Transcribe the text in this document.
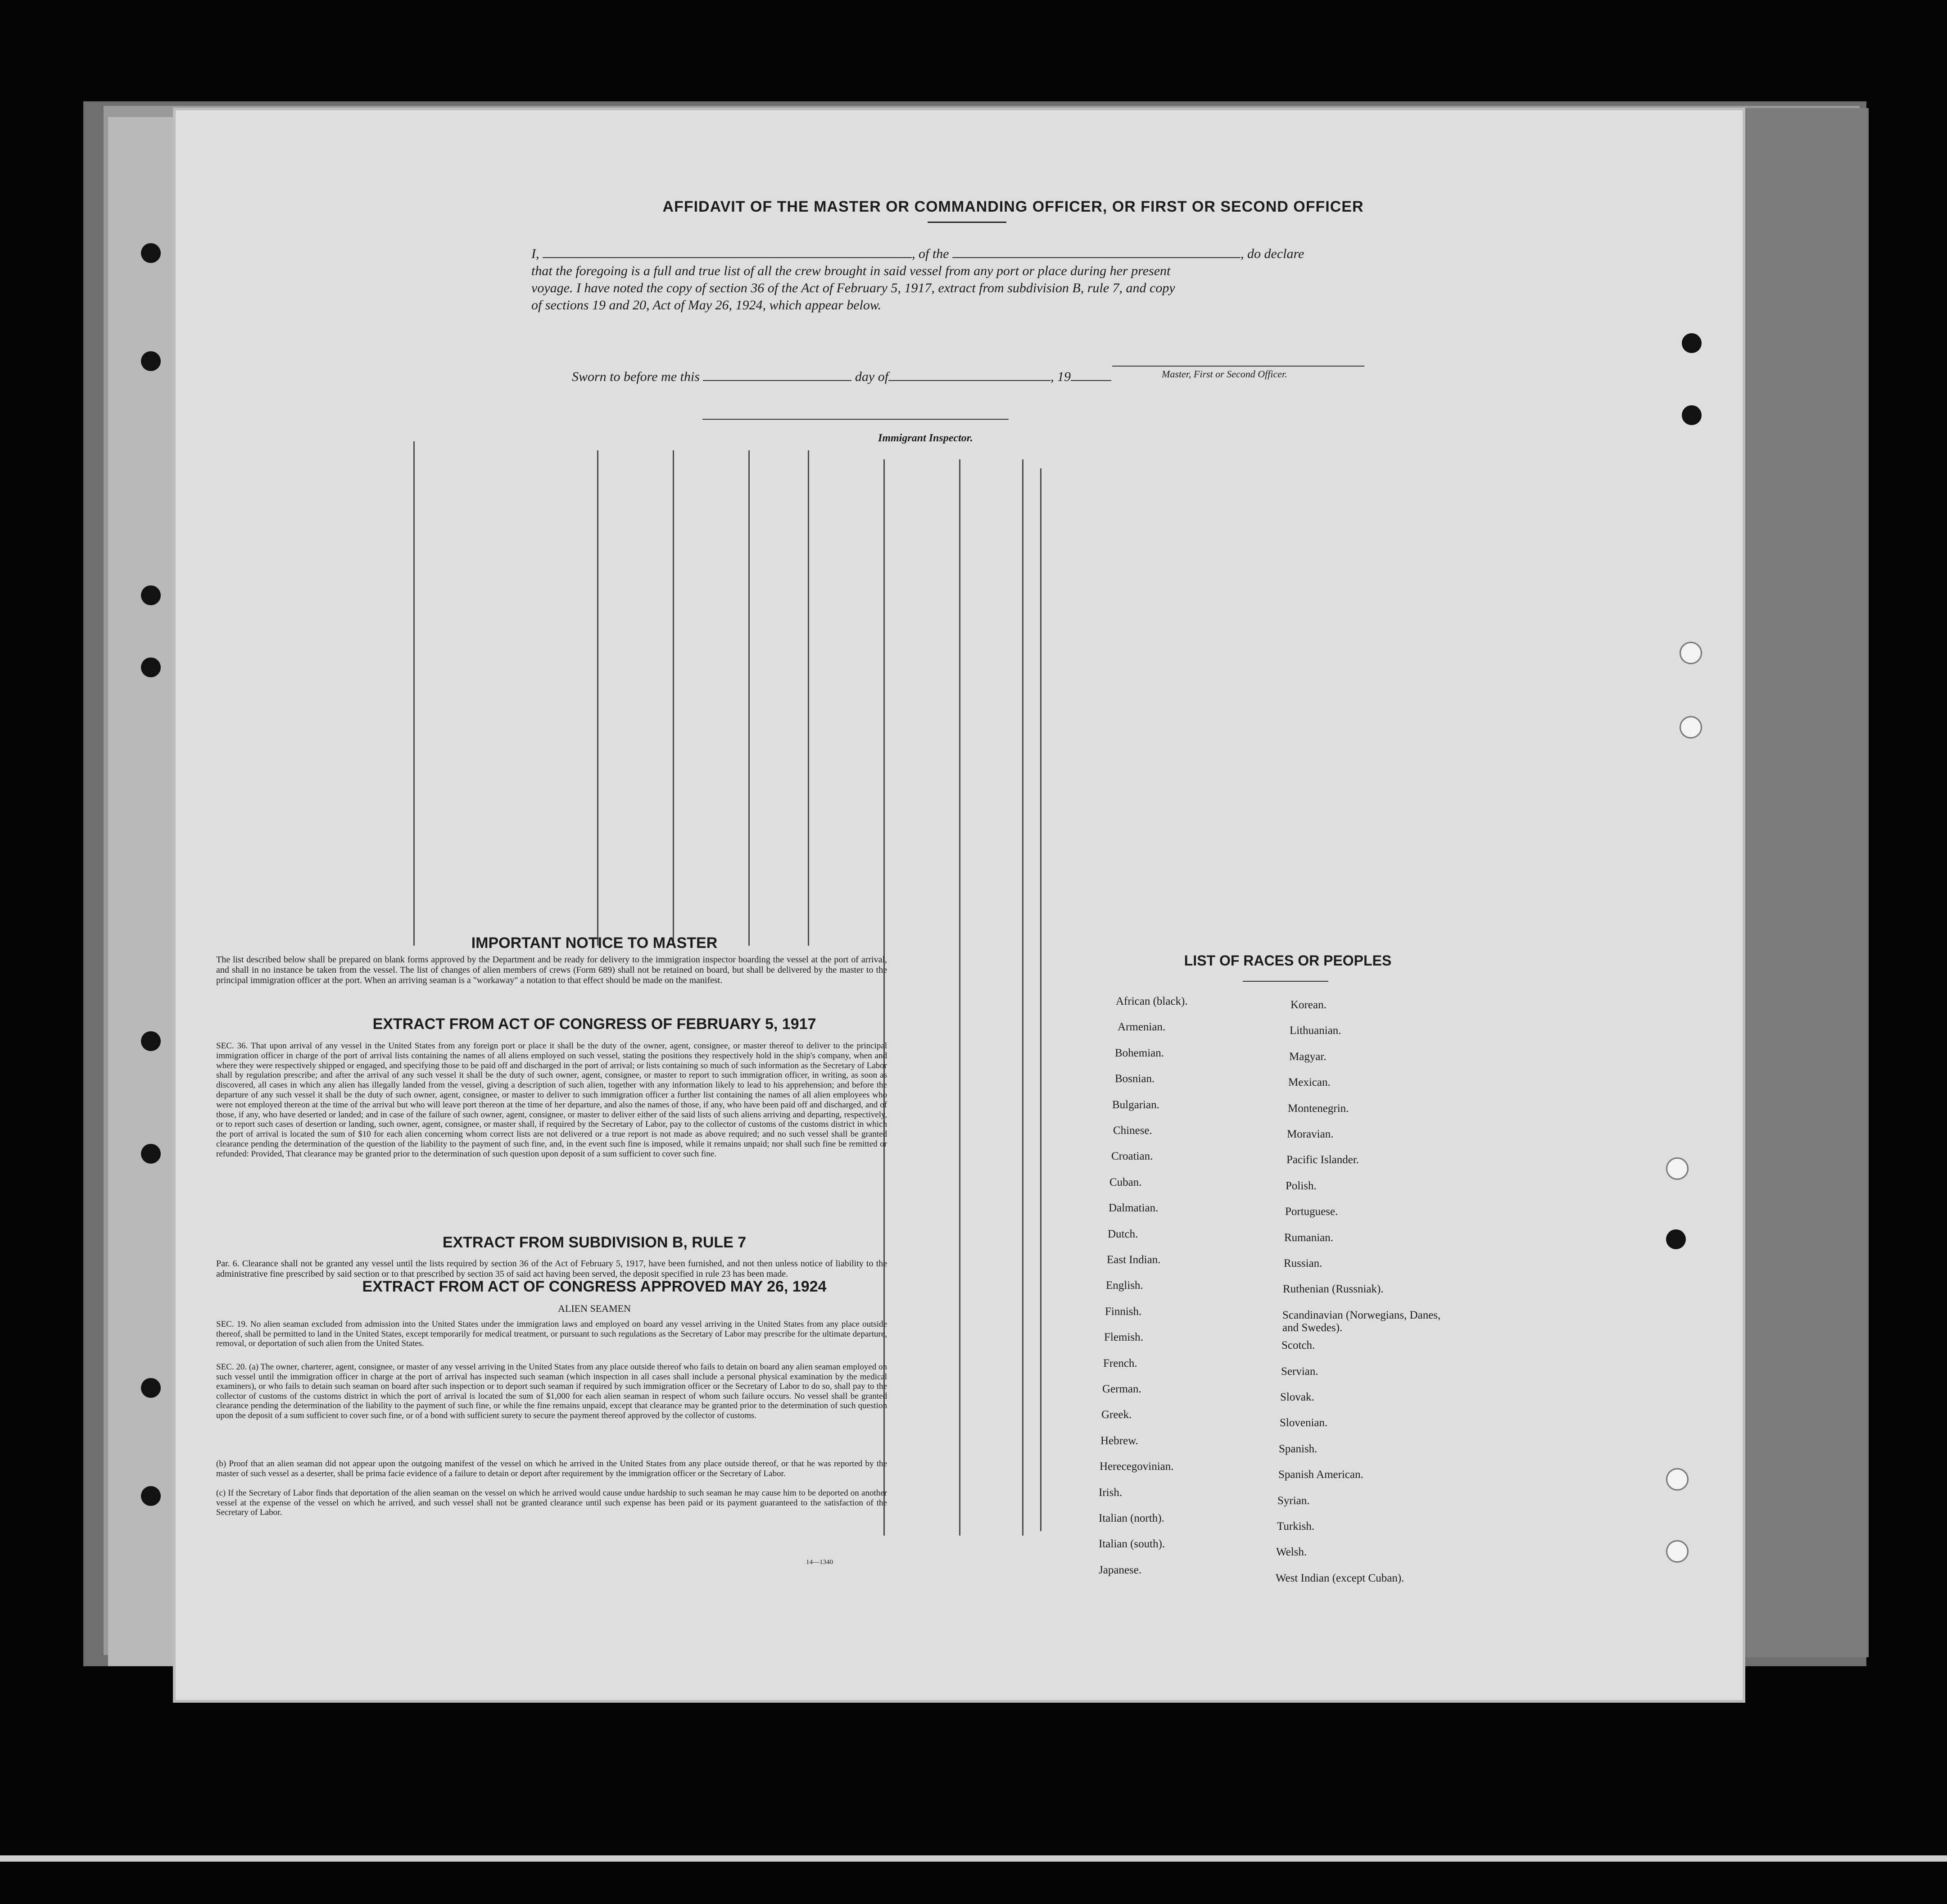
AFFIDAVIT OF THE MASTER OR COMMANDING OFFICER, OR FIRST OR SECOND OFFICER
I,	, of the	, do declare
that the foregoing is a full and true list of all the crew brought in said vessel from any port or place during her present
voyage. I have noted the copy of section 36 of the Act of February 5, 1917, extract from subdivision B, rule 7, and copy
of sections 19 and 20, Act of May 26, 1924, which appear below.
Master, First or Second Officer.
Sworn to before me this	day of	, 19
Immigrant Inspector.
IMPORTANT NOTICE TO MASTER
The list described below shall be prepared on blank forms approved by the Department and be ready for delivery to the immigration inspector boarding the vessel at the port of arrival, and shall in no instance be taken from the vessel. The list of changes of alien members of crews (Form 689) shall not be retained on board, but shall be delivered by the master to the principal immigration officer at the port. When an arriving seaman is a "workaway" a notation to that effect should be made on the manifest.
EXTRACT FROM ACT OF CONGRESS OF FEBRUARY 5, 1917
SEC. 36. That upon arrival of any vessel in the United States from any foreign port or place it shall be the duty of the owner, agent, consignee, or master thereof to deliver to the principal immigration officer in charge of the port of arrival lists containing the names of all aliens employed on such vessel, stating the positions they respectively hold in the ship's company, when and where they were respectively shipped or engaged, and specifying those to be paid off and discharged in the port of arrival; or lists containing so much of such information as the Secretary of Labor shall by regulation prescribe; and after the arrival of any such vessel it shall be the duty of such owner, agent, consignee, or master to report to such immigration officer, in writing, as soon as discovered, all cases in which any alien has illegally landed from the vessel, giving a description of such alien, together with any information likely to lead to his apprehension; and before the departure of any such vessel it shall be the duty of such owner, agent, consignee, or master to deliver to such immigration officer a further list containing the names of all alien employees who were not employed thereon at the time of the arrival but who will leave port thereon at the time of her departure, and also the names of those, if any, who have been paid off and discharged, and of those, if any, who have deserted or landed; and in case of the failure of such owner, agent, consignee, or master to deliver either of the said lists of such aliens arriving and departing, respectively, or to report such cases of desertion or landing, such owner, agent, consignee, or master shall, if required by the Secretary of Labor, pay to the collector of customs of the customs district in which the port of arrival is located the sum of $10 for each alien concerning whom correct lists are not delivered or a true report is not made as above required; and no such vessel shall be granted clearance pending the determination of the question of the liability to the payment of such fine, and, in the event such fine is imposed, while it remains unpaid; nor shall such fine be remitted or refunded: Provided, That clearance may be granted prior to the determination of such question upon deposit of a sum sufficient to cover such fine.
EXTRACT FROM SUBDIVISION B, RULE 7
Par. 6. Clearance shall not be granted any vessel until the lists required by section 36 of the Act of February 5, 1917, have been furnished, and not then unless notice of liability to the administrative fine prescribed by said section or to that prescribed by section 35 of said act having been served, the deposit specified in rule 23 has been made.
EXTRACT FROM ACT OF CONGRESS APPROVED MAY 26, 1924
ALIEN SEAMEN
SEC. 19. No alien seaman excluded from admission into the United States under the immigration laws and employed on board any vessel arriving in the United States from any place outside thereof, shall be permitted to land in the United States, except temporarily for medical treatment, or pursuant to such regulations as the Secretary of Labor may prescribe for the ultimate departure, removal, or deportation of such alien from the United States.
SEC. 20. (a) The owner, charterer, agent, consignee, or master of any vessel arriving in the United States from any place outside thereof who fails to detain on board any alien seaman employed on such vessel until the immigration officer in charge at the port of arrival has inspected such seaman (which inspection in all cases shall include a personal physical examination by the medical examiners), or who fails to detain such seaman on board after such inspection or to deport such seaman if required by such immigration officer or the Secretary of Labor to do so, shall pay to the collector of customs of the customs district in which the port of arrival is located the sum of $1,000 for each alien seaman in respect of whom such failure occurs. No vessel shall be granted clearance pending the determination of the liability to the payment of such fine, or while the fine remains unpaid, except that clearance may be granted prior to the determination of such question upon the deposit of a sum sufficient to cover such fine, or of a bond with sufficient surety to secure the payment thereof approved by the collector of customs.
(b) Proof that an alien seaman did not appear upon the outgoing manifest of the vessel on which he arrived in the United States from any place outside thereof, or that he was reported by the master of such vessel as a deserter, shall be prima facie evidence of a failure to detain or deport after requirement by the immigration officer or the Secretary of Labor.
(c) If the Secretary of Labor finds that deportation of the alien seaman on the vessel on which he arrived would cause undue hardship to such seaman he may cause him to be deported on another vessel at the expense of the vessel on which he arrived, and such vessel shall not be granted clearance until such expense has been paid or its payment guaranteed to the satisfaction of the Secretary of Labor.
14—1340
LIST OF RACES OR PEOPLES
African (black).
Armenian.
Bohemian.
Bosnian.
Bulgarian.
Chinese.
Croatian.
Cuban.
Dalmatian.
Dutch.
East Indian.
English.
Finnish.
Flemish.
French.
German.
Greek.
Hebrew.
Herecegovinian.
Irish.
Italian (north).
Italian (south).
Japanese.
Korean.
Lithuanian.
Magyar.
Mexican.
Montenegrin.
Moravian.
Pacific Islander.
Polish.
Portuguese.
Rumanian.
Russian.
Ruthenian (Russniak).
Scandinavian (Norwegians, Danes, and Swedes).
Scotch.
Servian.
Slovak.
Slovenian.
Spanish.
Spanish American.
Syrian.
Turkish.
Welsh.
West Indian (except Cuban).
